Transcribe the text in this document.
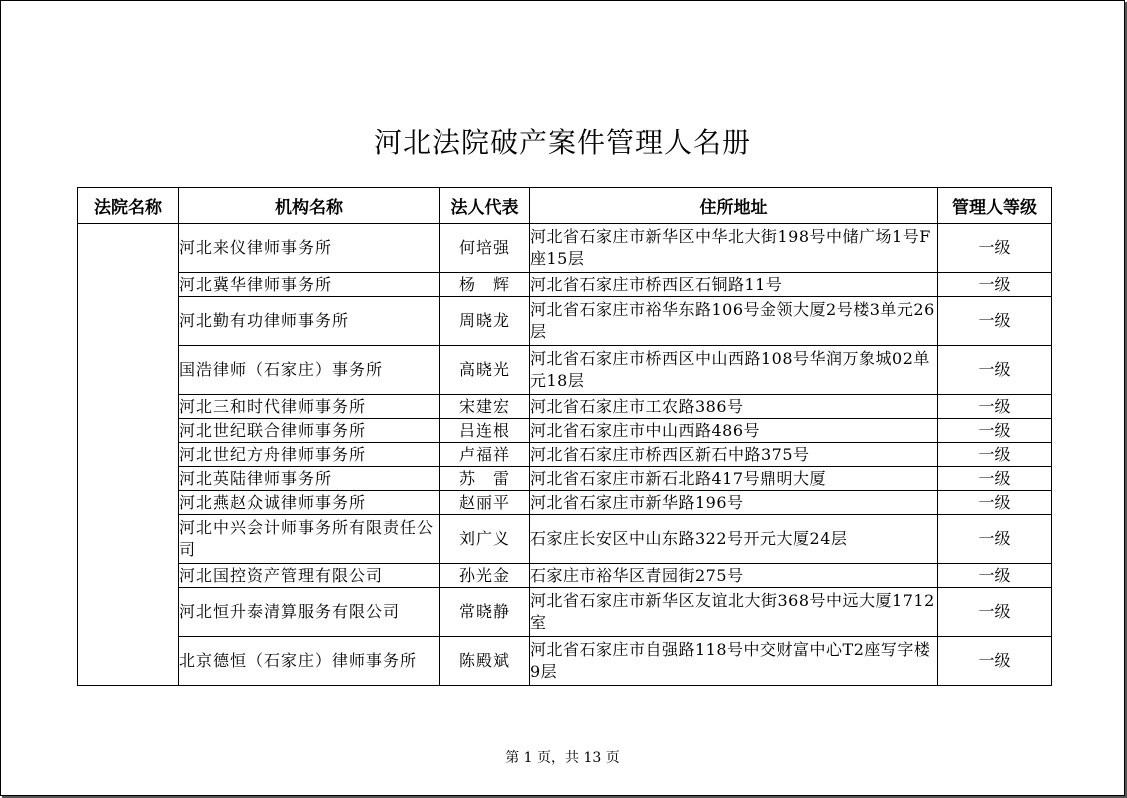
河北法院破产案件管理人名册
法院名称	机构名称	法人代表	住所地址	管理人等级
	河北来仪律师事务所	何培强	河北省石家庄市新华区中华北大街198号中储广场1号F座15层	一级
	河北冀华律师事务所	杨　辉	河北省石家庄市桥西区石铜路11号	一级
	河北勤有功律师事务所	周晓龙	河北省石家庄市裕华东路106号金领大厦2号楼3单元26层	一级
	国浩律师（石家庄）事务所	高晓光	河北省石家庄市桥西区中山西路108号华润万象城02单元18层	一级
	河北三和时代律师事务所	宋建宏	河北省石家庄市工农路386号	一级
	河北世纪联合律师事务所	吕连根	河北省石家庄市中山西路486号	一级
	河北世纪方舟律师事务所	卢福祥	河北省石家庄市桥西区新石中路375号	一级
	河北英陆律师事务所	苏　雷	河北省石家庄市新石北路417号鼎明大厦	一级
	河北燕赵众诚律师事务所	赵丽平	河北省石家庄市新华路196号	一级
	河北中兴会计师事务所有限责任公司	刘广义	石家庄长安区中山东路322号开元大厦24层	一级
	河北国控资产管理有限公司	孙光金	石家庄市裕华区青园街275号	一级
	河北恒升泰清算服务有限公司	常晓静	河北省石家庄市新华区友谊北大街368号中远大厦1712室	一级
	北京德恒（石家庄）律师事务所	陈殿斌	河北省石家庄市自强路118号中交财富中心T2座写字楼9层	一级
第 1 页，共 13 页
